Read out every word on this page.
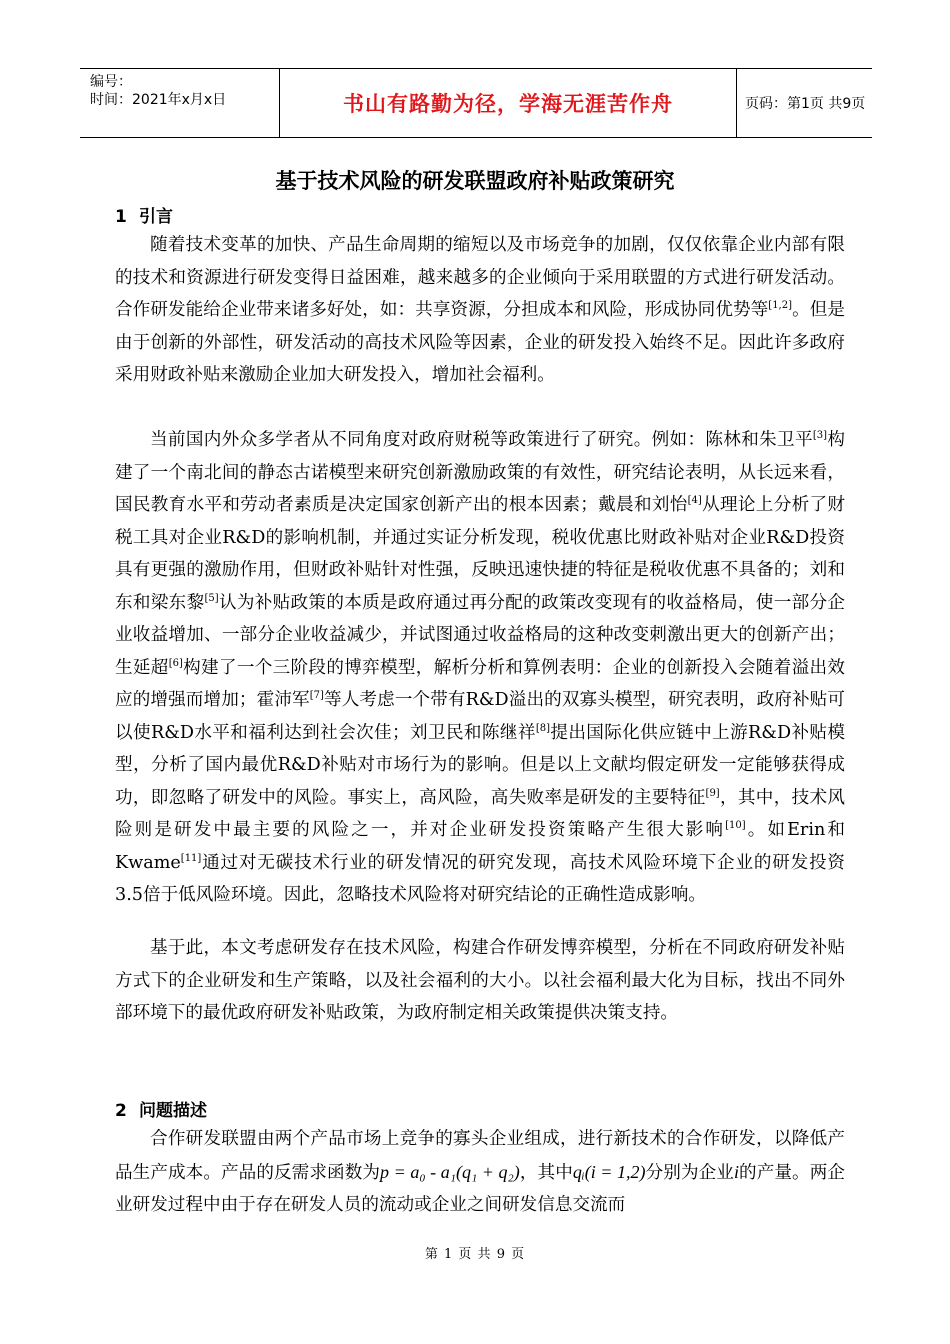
编号：
时间：2021年x月x日	书山有路勤为径，学海无涯苦作舟	页码：第1页 共9页
基于技术风险的研发联盟政府补贴政策研究
1 引言

随着技术变革的加快、产品生命周期的缩短以及市场竞争的加剧，仅仅依靠企业内部有限的技术和资源进行研发变得日益困难，越来越多的企业倾向于采用联盟的方式进行研发活动。合作研发能给企业带来诸多好处，如：共享资源，分担成本和风险，形成协同优势等[1,2]。但是由于创新的外部性，研发活动的高技术风险等因素，企业的研发投入始终不足。因此许多政府采用财政补贴来激励企业加大研发投入，增加社会福利。

当前国内外众多学者从不同角度对政府财税等政策进行了研究。例如：陈林和朱卫平[3]构建了一个南北间的静态古诺模型来研究创新激励政策的有效性，研究结论表明，从长远来看，国民教育水平和劳动者素质是决定国家创新产出的根本因素；戴晨和刘怡[4]从理论上分析了财税工具对企业R&D的影响机制，并通过实证分析发现，税收优惠比财政补贴对企业R&D投资具有更强的激励作用，但财政补贴针对性强，反映迅速快捷的特征是税收优惠不具备的；刘和东和梁东黎[5]认为补贴政策的本质是政府通过再分配的政策改变现有的收益格局，使一部分企业收益增加、一部分企业收益减少，并试图通过收益格局的这种改变刺激出更大的创新产出；生延超[6]构建了一个三阶段的博弈模型，解析分析和算例表明：企业的创新投入会随着溢出效应的增强而增加；霍沛军[7]等人考虑一个带有R&D溢出的双寡头模型，研究表明，政府补贴可以使R&D水平和福利达到社会次佳；刘卫民和陈继祥[8]提出国际化供应链中上游R&D补贴模型，分析了国内最优R&D补贴对市场行为的影响。但是以上文献均假定研发一定能够获得成功，即忽略了研发中的风险。事实上，高风险，高失败率是研发的主要特征[9]，其中，技术风险则是研发中最主要的风险之一，并对企业研发投资策略产生很大影响[10]。如Erin和Kwame[11]通过对无碳技术行业的研发情况的研究发现，高技术风险环境下企业的研发投资3.5倍于低风险环境。因此，忽略技术风险将对研究结论的正确性造成影响。

基于此，本文考虑研发存在技术风险，构建合作研发博弈模型，分析在不同政府研发补贴方式下的企业研发和生产策略，以及社会福利的大小。以社会福利最大化为目标，找出不同外部环境下的最优政府研发补贴政策，为政府制定相关政策提供决策支持。

2 问题描述

合作研发联盟由两个产品市场上竞争的寡头企业组成，进行新技术的合作研发，以降低产品生产成本。产品的反需求函数为p = a₀ - a₁(q₁ + q₂)，其中qᵢ(i = 1,2)分别为企业i的产量。两企业研发过程中由于存在研发人员的流动或企业之间研发信息交流而

第 1 页 共 9 页
